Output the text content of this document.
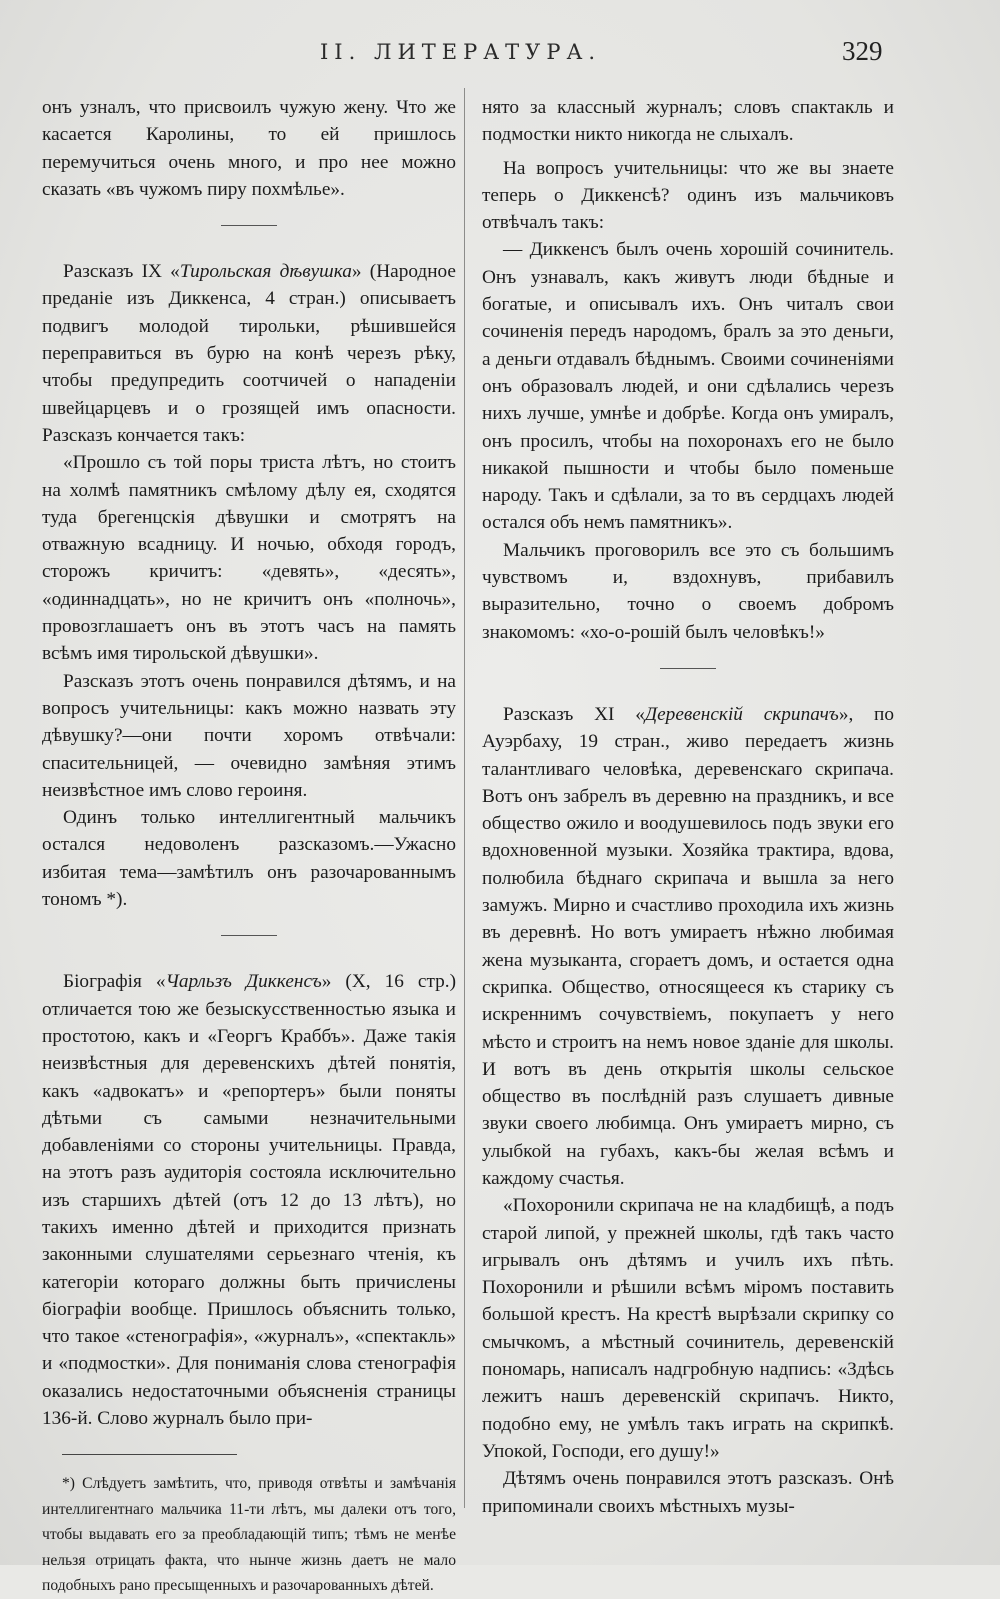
II. ЛИТЕРАТУРА.	329

онъ узналъ, что присвоилъ чужую жену. Что же касается Каролины, то ей пришлось перемучиться очень много, и про нее можно сказать «въ чужомъ пиру похмѣлье».

Разсказъ IX «Тирольская дѣвушка» (Народное преданіе изъ Диккенса, 4 стран.) описываетъ подвигъ молодой тирольки, рѣшившейся переправиться въ бурю на конѣ черезъ рѣку, чтобы предупредить соотчичей о нападеніи швейцарцевъ и о грозящей имъ опасности. Разсказъ кончается такъ:

«Прошло съ той поры триста лѣтъ, но стоитъ на холмѣ памятникъ смѣлому дѣлу ея, сходятся туда брегенцскія дѣвушки и смотрятъ на отважную всадницу. И ночью, обходя городъ, сторожъ кричитъ: «девять», «десять», «одиннадцать», но не кричитъ онъ «полночь», провозглашаетъ онъ въ этотъ часъ на память всѣмъ имя тирольской дѣвушки».

Разсказъ этотъ очень понравился дѣтямъ, и на вопросъ учительницы: какъ можно назвать эту дѣвушку?—они почти хоромъ отвѣчали: спасительницей, — очевидно замѣняя этимъ неизвѣстное имъ слово героиня.

Одинъ только интеллигентный мальчикъ остался недоволенъ разсказомъ.—Ужасно избитая тема—замѣтилъ онъ разочарованнымъ тономъ *).

Біографія «Чарльзъ Диккенсъ» (X, 16 стр.) отличается тою же безыскусственностью языка и простотою, какъ и «Георгъ Краббъ». Даже такія неизвѣстныя для деревенскихъ дѣтей понятія, какъ «адвокатъ» и «репортеръ» были поняты дѣтьми съ самыми незначительными добавленіями со стороны учительницы. Правда, на этотъ разъ аудиторія состояла исключительно изъ старшихъ дѣтей (отъ 12 до 13 лѣтъ), но такихъ именно дѣтей и приходится признать законными слушателями серьезнаго чтенія, къ категоріи котораго должны быть причислены біографіи вообще. Пришлось объяснить только, что такое «стенографія», «журналъ», «спектакль» и «подмостки». Для пониманія слова стенографія оказались недостаточными объясненія страницы 136-й. Слово журналъ было при-

*) Слѣдуетъ замѣтить, что, приводя отвѣты и замѣчанія интеллигентнаго мальчика 11-ти лѣтъ, мы далеки отъ того, чтобы выдавать его за преобладающій типъ; тѣмъ не менѣе нельзя отрицать факта, что нынче жизнь даетъ не мало подобныхъ рано пресыщенныхъ и разочарованныхъ дѣтей.

нято за классный журналъ; словъ спактакль и подмостки никто никогда не слыхалъ.

На вопросъ учительницы: что же вы знаете теперь о Диккенсѣ? одинъ изъ мальчиковъ отвѣчалъ такъ:

— Диккенсъ былъ очень хорошій сочинитель. Онъ узнавалъ, какъ живутъ люди бѣдные и богатые, и описывалъ ихъ. Онъ читалъ свои сочиненія передъ народомъ, бралъ за это деньги, а деньги отдавалъ бѣднымъ. Своими сочиненіями онъ образовалъ людей, и они сдѣлались черезъ нихъ лучше, умнѣе и добрѣе. Когда онъ умиралъ, онъ просилъ, чтобы на похоронахъ его не было никакой пышности и чтобы было поменьше народу. Такъ и сдѣлали, за то въ сердцахъ людей остался объ немъ памятникъ».

Мальчикъ проговорилъ все это съ большимъ чувствомъ и, вздохнувъ, прибавилъ выразительно, точно о своемъ добромъ знакомомъ: «хо-о-рошій былъ человѣкъ!»

Разсказъ XI «Деревенскій скрипачъ», по Ауэрбаху, 19 стран., живо передаетъ жизнь талантливаго человѣка, деревенскаго скрипача. Вотъ онъ забрелъ въ деревню на праздникъ, и все общество ожило и воодушевилось подъ звуки его вдохновенной музыки. Хозяйка трактира, вдова, полюбила бѣднаго скрипача и вышла за него замужъ. Мирно и счастливо проходила ихъ жизнь въ деревнѣ. Но вотъ умираетъ нѣжно любимая жена музыканта, сгораетъ домъ, и остается одна скрипка. Общество, относящееся къ старику съ искреннимъ сочувствіемъ, покупаетъ у него мѣсто и строитъ на немъ новое зданіе для школы. И вотъ въ день открытія школы сельское общество въ послѣдній разъ слушаетъ дивные звуки своего любимца. Онъ умираетъ мирно, съ улыбкой на губахъ, какъ-бы желая всѣмъ и каждому счастья.

«Похоронили скрипача не на кладбищѣ, а подъ старой липой, у прежней школы, гдѣ такъ часто игрывалъ онъ дѣтямъ и училъ ихъ пѣть. Похоронили и рѣшили всѣмъ міромъ поставить большой крестъ. На крестѣ вырѣзали скрипку со смычкомъ, а мѣстный сочинитель, деревенскій пономарь, написалъ надгробную надпись: «Здѣсь лежитъ нашъ деревенскій скрипачъ. Никто, подобно ему, не умѣлъ такъ играть на скрипкѣ. Упокой, Господи, его душу!»

Дѣтямъ очень понравился этотъ разсказъ. Онѣ припоминали своихъ мѣстныхъ музы-
